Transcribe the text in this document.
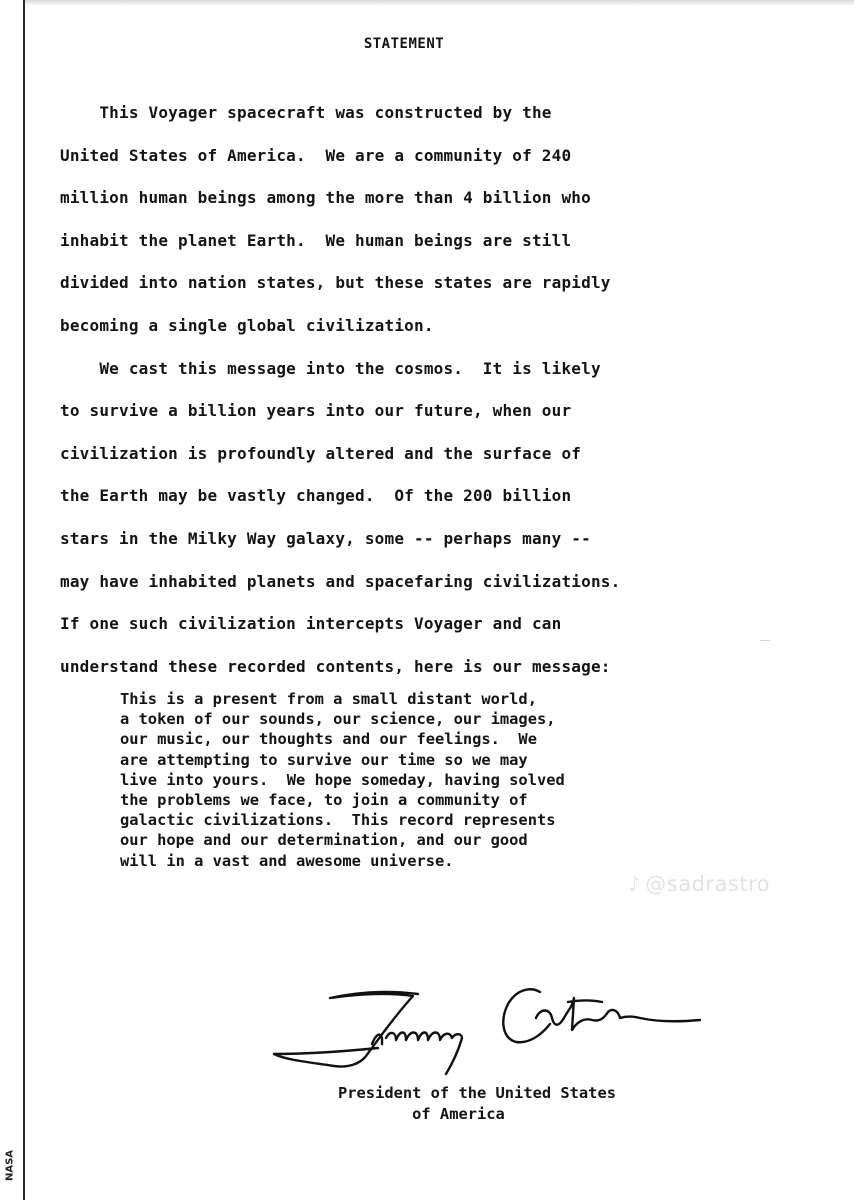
STATEMENT
This Voyager spacecraft was constructed by the
United States of America.  We are a community of 240
million human beings among the more than 4 billion who
inhabit the planet Earth.  We human beings are still
divided into nation states, but these states are rapidly
becoming a single global civilization.
We cast this message into the cosmos.  It is likely
to survive a billion years into our future, when our
civilization is profoundly altered and the surface of
the Earth may be vastly changed.  Of the 200 billion
stars in the Milky Way galaxy, some -- perhaps many --
may have inhabited planets and spacefaring civilizations.
If one such civilization intercepts Voyager and can
understand these recorded contents, here is our message:
This is a present from a small distant world,
a token of our sounds, our science, our images,
our music, our thoughts and our feelings.  We
are attempting to survive our time so we may
live into yours.  We hope someday, having solved
the problems we face, to join a community of
galactic civilizations.  This record represents
our hope and our determination, and our good
will in a vast and awesome universe.
♪ @sadrastro
President of the United States
of America
NASA
